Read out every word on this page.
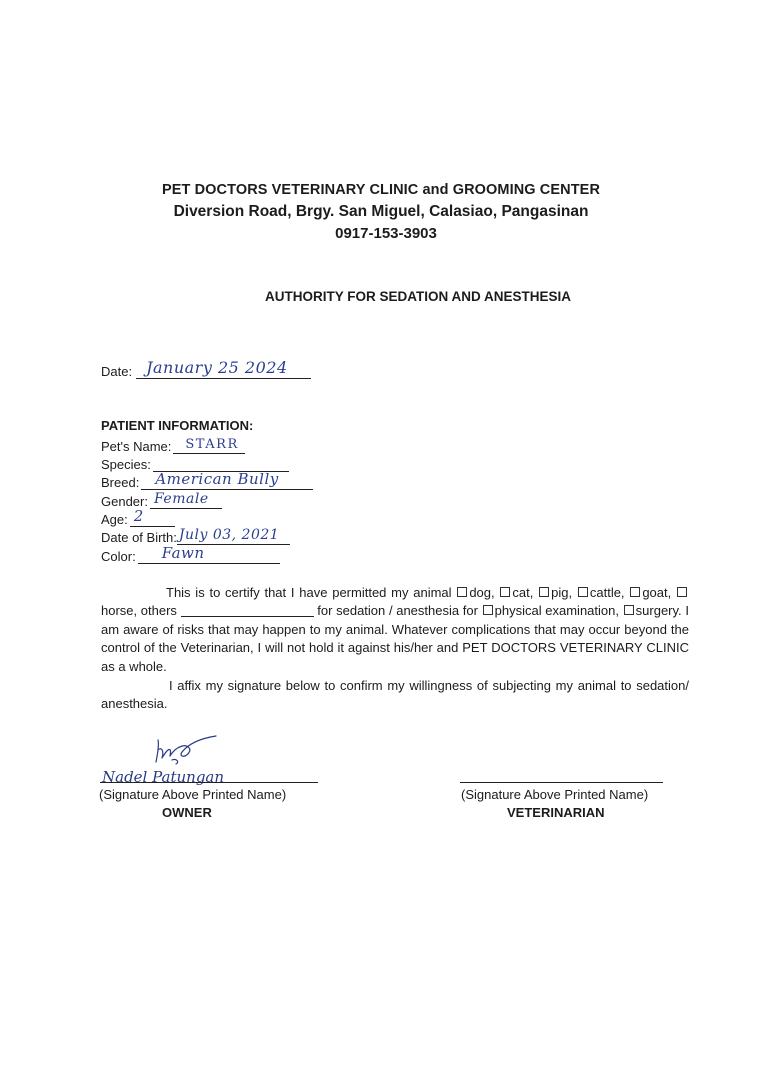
PET DOCTORS VETERINARY CLINIC and GROOMING CENTER
Diversion Road, Brgy. San Miguel, Calasiao, Pangasinan
0917-153-3903
AUTHORITY FOR SEDATION AND ANESTHESIA
Date: January 25 2024
PATIENT INFORMATION:
Pet's Name: STARR
Species:
Breed: American Bully
Gender: Female
Age: 2
Date of Birth: July 03, 2021
Color: Fawn
This is to certify that I have permitted my animal dog, cat, pig, cattle, goat, horse, others	for sedation / anesthesia for physical examination, surgery. I am aware of risks that may happen to my animal. Whatever complications that may occur beyond the control of the Veterinarian, I will not hold it against his/her and PET DOCTORS VETERINARY CLINIC as a whole.
I affix my signature below to confirm my willingness of subjecting my animal to sedation/ anesthesia.
Nadel Patungan
(Signature Above Printed Name)
OWNER
(Signature Above Printed Name)
VETERINARIAN
